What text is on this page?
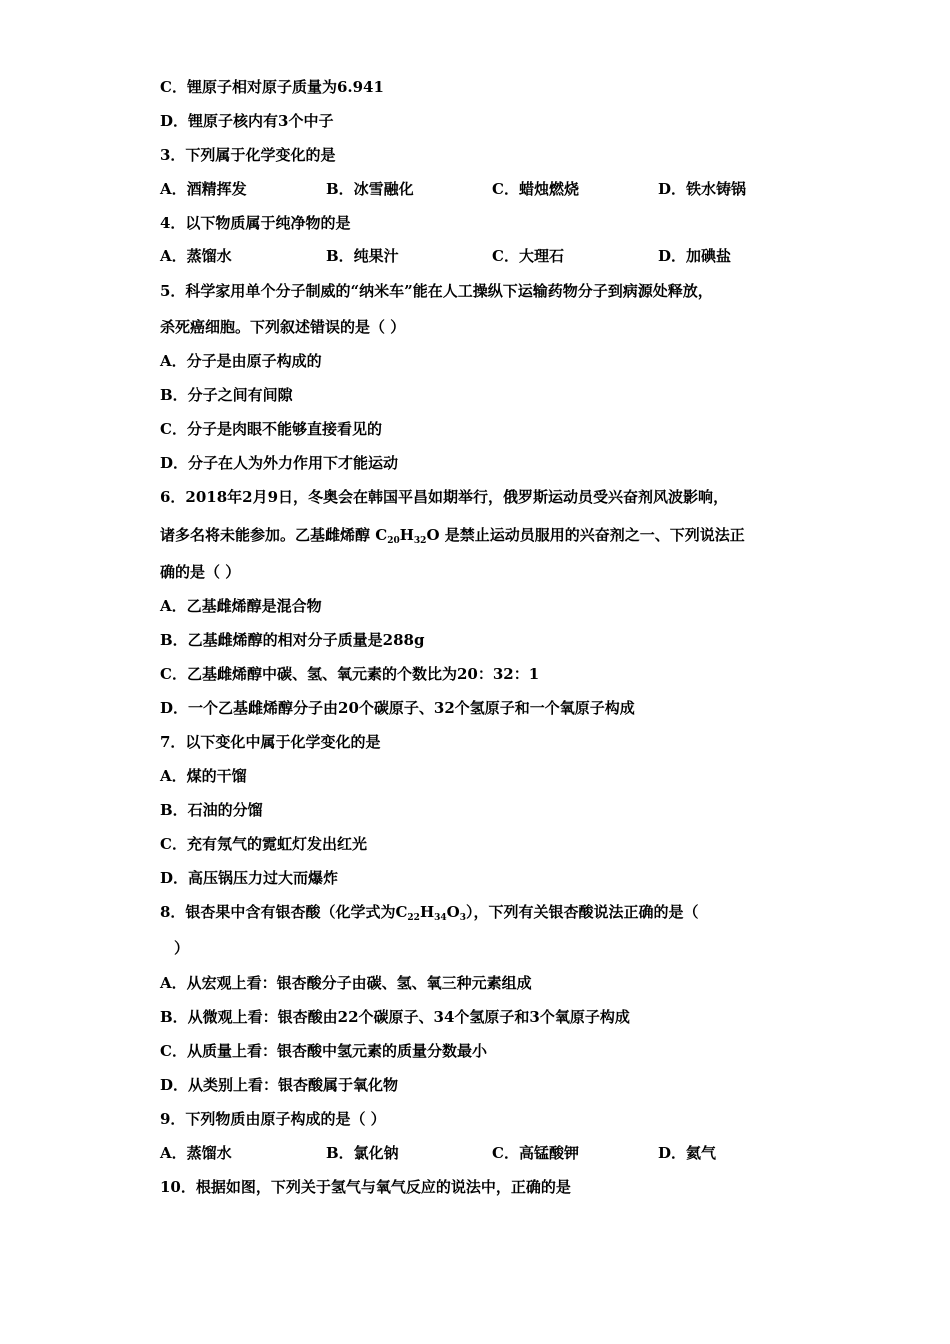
C．锂原子相对原子质量为6.941
D．锂原子核内有3个中子
3．下列属于化学变化的是
A．酒精挥发	B．冰雪融化	C．蜡烛燃烧	D．铁水铸锅
4．以下物质属于纯净物的是
A．蒸馏水	B．纯果汁	C．大理石	D．加碘盐
5．科学家用单个分子制威的“纳米车”能在人工操纵下运输药物分子到病源处释放，
杀死癌细胞。下列叙述错误的是（ ）
A．分子是由原子构成的
B．分子之间有间隙
C．分子是肉眼不能够直接看见的
D．分子在人为外力作用下才能运动
6．2018年2月9日，冬奥会在韩国平昌如期举行，俄罗斯运动员受兴奋剂风波影响，
诸多名将未能参加。乙基雌烯醇 $C_{20}H_{32}O$ 是禁止运动员服用的兴奋剂之一、下列说法正
确的是（ ）
A．乙基雌烯醇是混合物
B．乙基雌烯醇的相对分子质量是288g
C．乙基雌烯醇中碳、氢、氧元素的个数比为20：32：1
D．一个乙基雌烯醇分子由20个碳原子、32个氢原子和一个氧原子构成
7．以下变化中属于化学变化的是
A．煤的干馏
B．石油的分馏
C．充有氖气的霓虹灯发出红光
D．高压锅压力过大而爆炸
8．银杏果中含有银杏酸（化学式为$C_{22}H_{34}O_3$），下列有关银杏酸说法正确的是（
）
A．从宏观上看：银杏酸分子由碳、氢、氧三种元素组成
B．从微观上看：银杏酸由22个碳原子、34个氢原子和3个氧原子构成
C．从质量上看：银杏酸中氢元素的质量分数最小
D．从类别上看：银杏酸属于氧化物
9．下列物质由原子构成的是（ ）
A．蒸馏水	B．氯化钠	C．高锰酸钾	D．氦气
10．根据如图，下列关于氢气与氧气反应的说法中，正确的是
